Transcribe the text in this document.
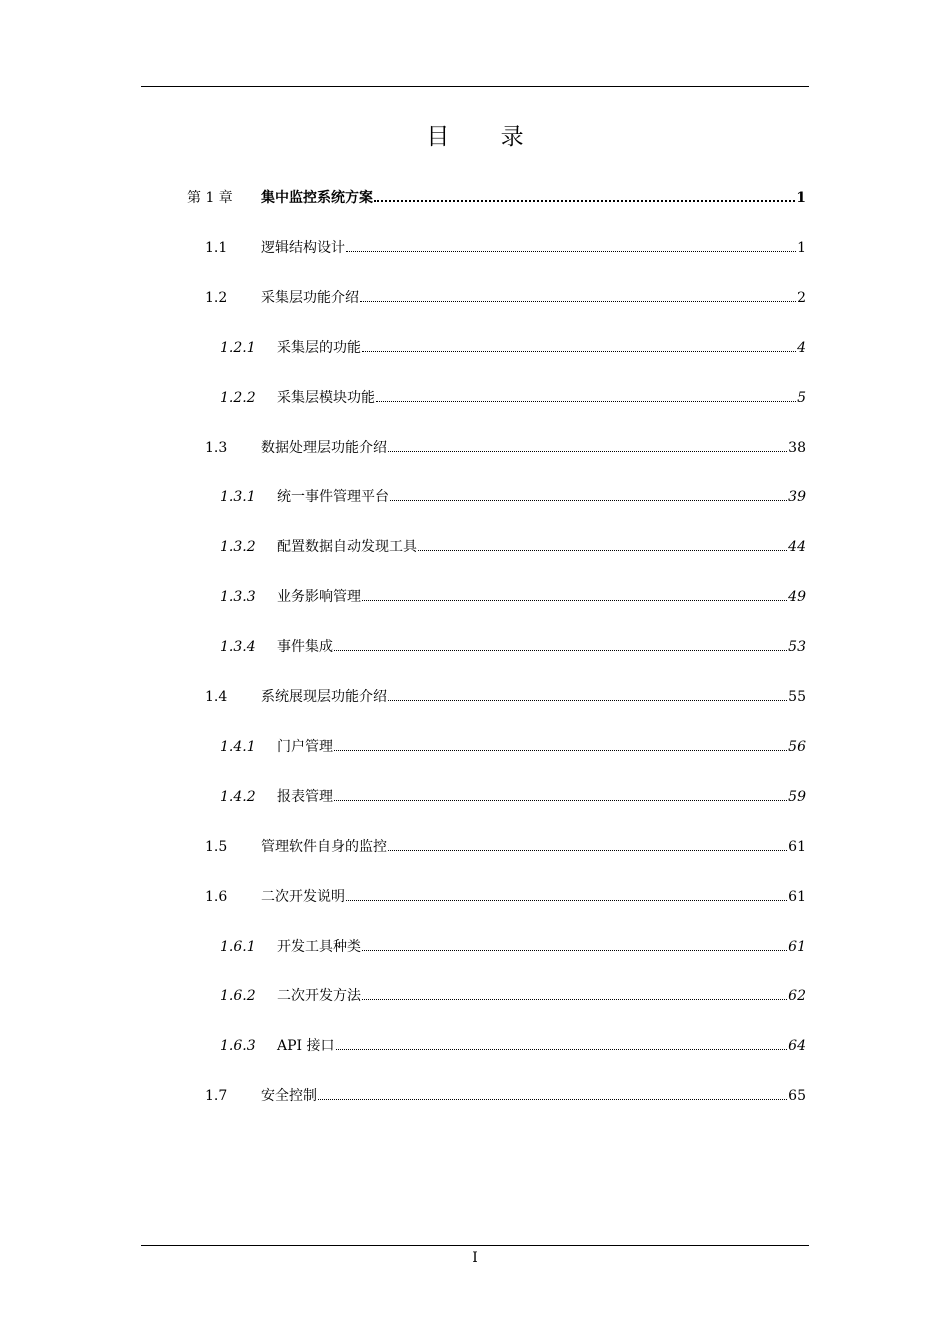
目 录
第 1 章	集中监控系统方案	1
1.1	逻辑结构设计	1
1.2	采集层功能介绍	2
1.2.1	采集层的功能	4
1.2.2	采集层模块功能	5
1.3	数据处理层功能介绍	38
1.3.1	统一事件管理平台	39
1.3.2	配置数据自动发现工具	44
1.3.3	业务影响管理	49
1.3.4	事件集成	53
1.4	系统展现层功能介绍	55
1.4.1	门户管理	56
1.4.2	报表管理	59
1.5	管理软件自身的监控	61
1.6	二次开发说明	61
1.6.1	开发工具种类	61
1.6.2	二次开发方法	62
1.6.3	API 接口	64
1.7	安全控制	65
I
